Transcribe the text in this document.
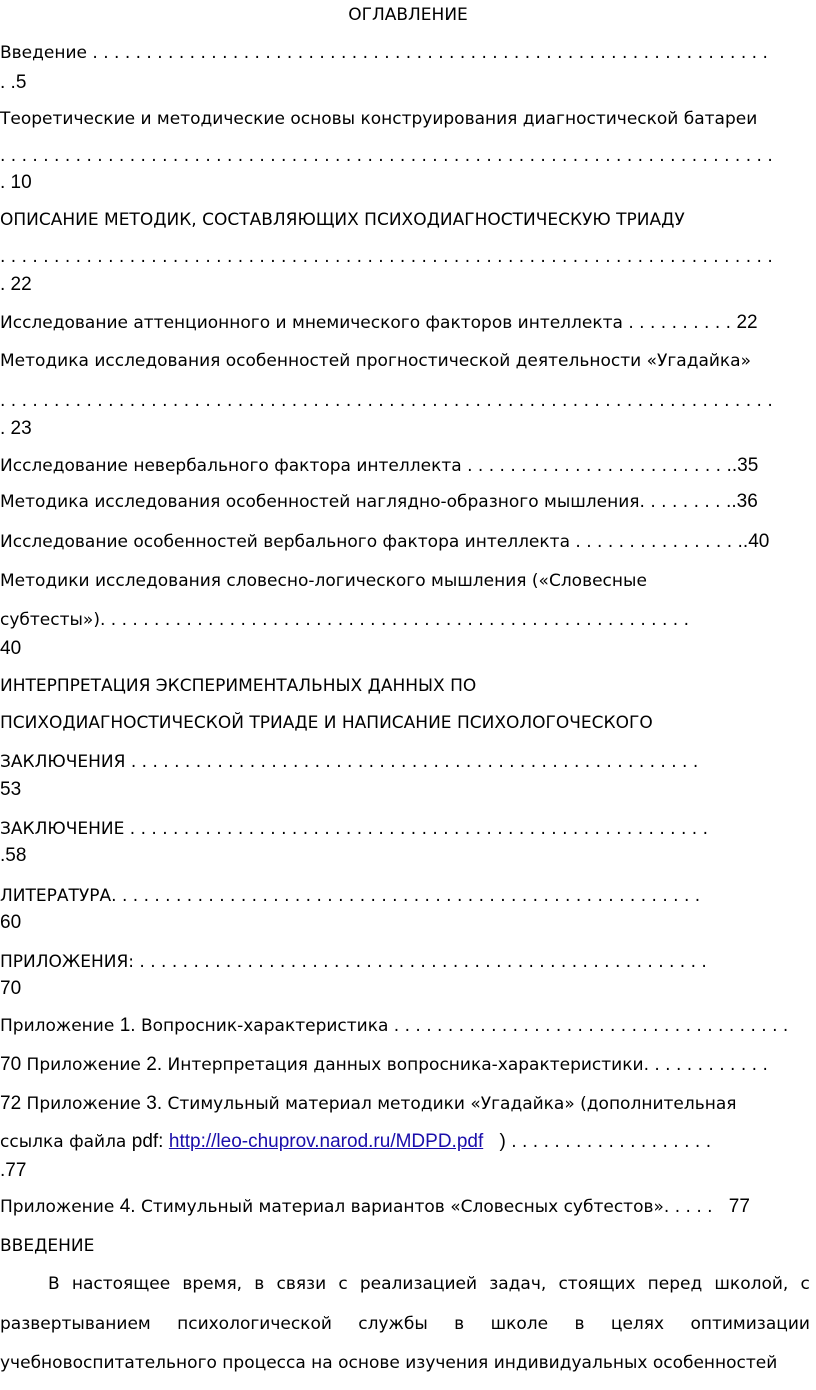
ОГЛАВЛЕНИЕ
Введение . . . . . . . . . . . . . . . . . . . . . . . . . . . . . . . . . . . . . . . . . . . . . . . . . . . . . . . . . . . . . . .
. .5
Теоретические и методические основы конструирования диагностической батареи
. . . . . . . . . . . . . . . . . . . . . . . . . . . . . . . . . . . . . . . . . . . . . . . . . . . . . . . . . . . . . . . . . . . . . . . .
. 10
ОПИСАНИЕ МЕТОДИК, СОСТАВЛЯЮЩИХ ПСИХОДИАГНОСТИЧЕСКУЮ ТРИАДУ
. . . . . . . . . . . . . . . . . . . . . . . . . . . . . . . . . . . . . . . . . . . . . . . . . . . . . . . . . . . . . . . . . . . . . . . .
. 22
Исследование аттенционного и мнемического факторов интеллекта . . . . . . . . . . 22
Методика исследования особенностей прогностической деятельности «Угадайка»
. . . . . . . . . . . . . . . . . . . . . . . . . . . . . . . . . . . . . . . . . . . . . . . . . . . . . . . . . . . . . . . . . . . . . . . .
. 23
Исследование невербального фактора интеллекта . . . . . . . . . . . . . . . . . . . . . . . . ..35
Методика исследования особенностей наглядно-образного мышления. . . . . . . . ..36
Исследование особенностей вербального фактора интеллекта . . . . . . . . . . . . . . . ..40
Методики исследования словесно-логического мышления («Словесные
субтесты»). . . . . . . . . . . . . . . . . . . . . . . . . . . . . . . . . . . . . . . . . . . . . . . . . . . . . . .
40
ИНТЕРПРЕТАЦИЯ ЭКСПЕРИМЕНТАЛЬНЫХ ДАННЫХ ПО
ПСИХОДИАГНОСТИЧЕСКОЙ ТРИАДЕ И НАПИСАНИЕ ПСИХОЛОГОЧЕСКОГО
ЗАКЛЮЧЕНИЯ . . . . . . . . . . . . . . . . . . . . . . . . . . . . . . . . . . . . . . . . . . . . . . . . . . . . .
53
ЗАКЛЮЧЕНИЕ . . . . . . . . . . . . . . . . . . . . . . . . . . . . . . . . . . . . . . . . . . . . . . . . . . . . . .
.58
ЛИТЕРАТУРА. . . . . . . . . . . . . . . . . . . . . . . . . . . . . . . . . . . . . . . . . . . . . . . . . . . . . . .
60
ПРИЛОЖЕНИЯ: . . . . . . . . . . . . . . . . . . . . . . . . . . . . . . . . . . . . . . . . . . . . . . . . . . . . .
70
Приложение 1. Вопросник-характеристика . . . . . . . . . . . . . . . . . . . . . . . . . . . . . . . . . . . . .
70 Приложение 2. Интерпретация данных вопросника-характеристики. . . . . . . . . . . .
72 Приложение 3. Стимульный материал методики «Угадайка» (дополнительная
ссылка файла pdf: http://leo-chuprov.narod.ru/MDPD.pdf ) . . . . . . . . . . . . . . . . . . .
.77
Приложение 4. Стимульный материал вариантов «Словесных субтестов». . . . . 77
ВВЕДЕНИЕ
В настоящее время, в связи с реализацией задач, стоящих перед школой, с
развертыванием психологической службы в школе в целях оптимизации
учебновоспитательного процесса на основе изучения индивидуальных особенностей
